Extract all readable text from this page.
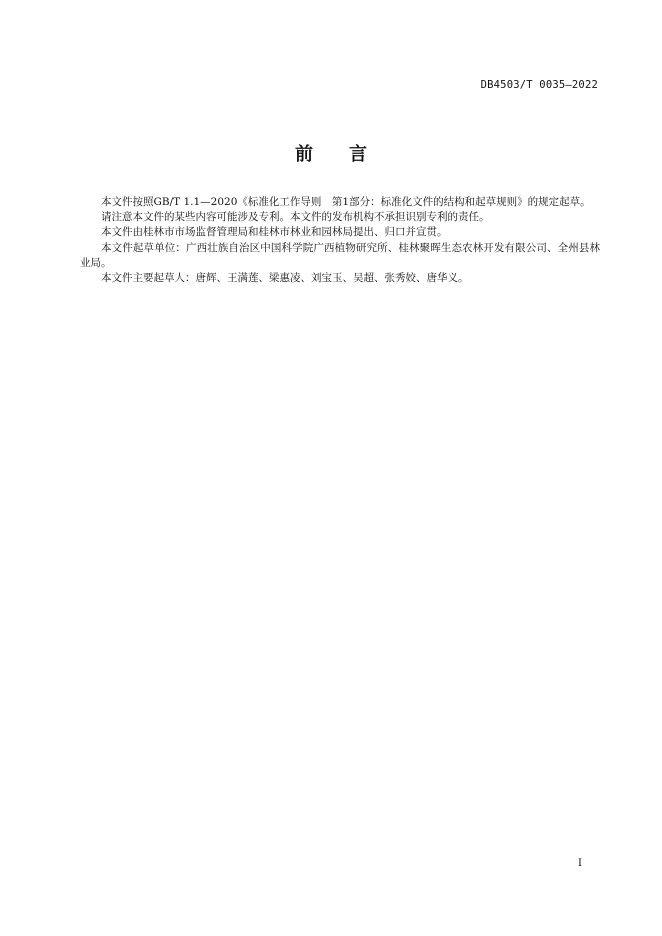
DB4503/T 0035—2022
前 言

本文件按照GB/T 1.1—2020《标准化工作导则　第1部分：标准化文件的结构和起草规则》的规定起草。

请注意本文件的某些内容可能涉及专利。本文件的发布机构不承担识别专利的责任。

本文件由桂林市市场监督管理局和桂林市林业和园林局提出、归口并宣贯。

本文件起草单位：广西壮族自治区中国科学院广西植物研究所、桂林聚晖生态农林开发有限公司、全州县林业局。

本文件主要起草人：唐辉、王满莲、梁惠凌、刘宝玉、吴超、张秀姣、唐华义。

I
